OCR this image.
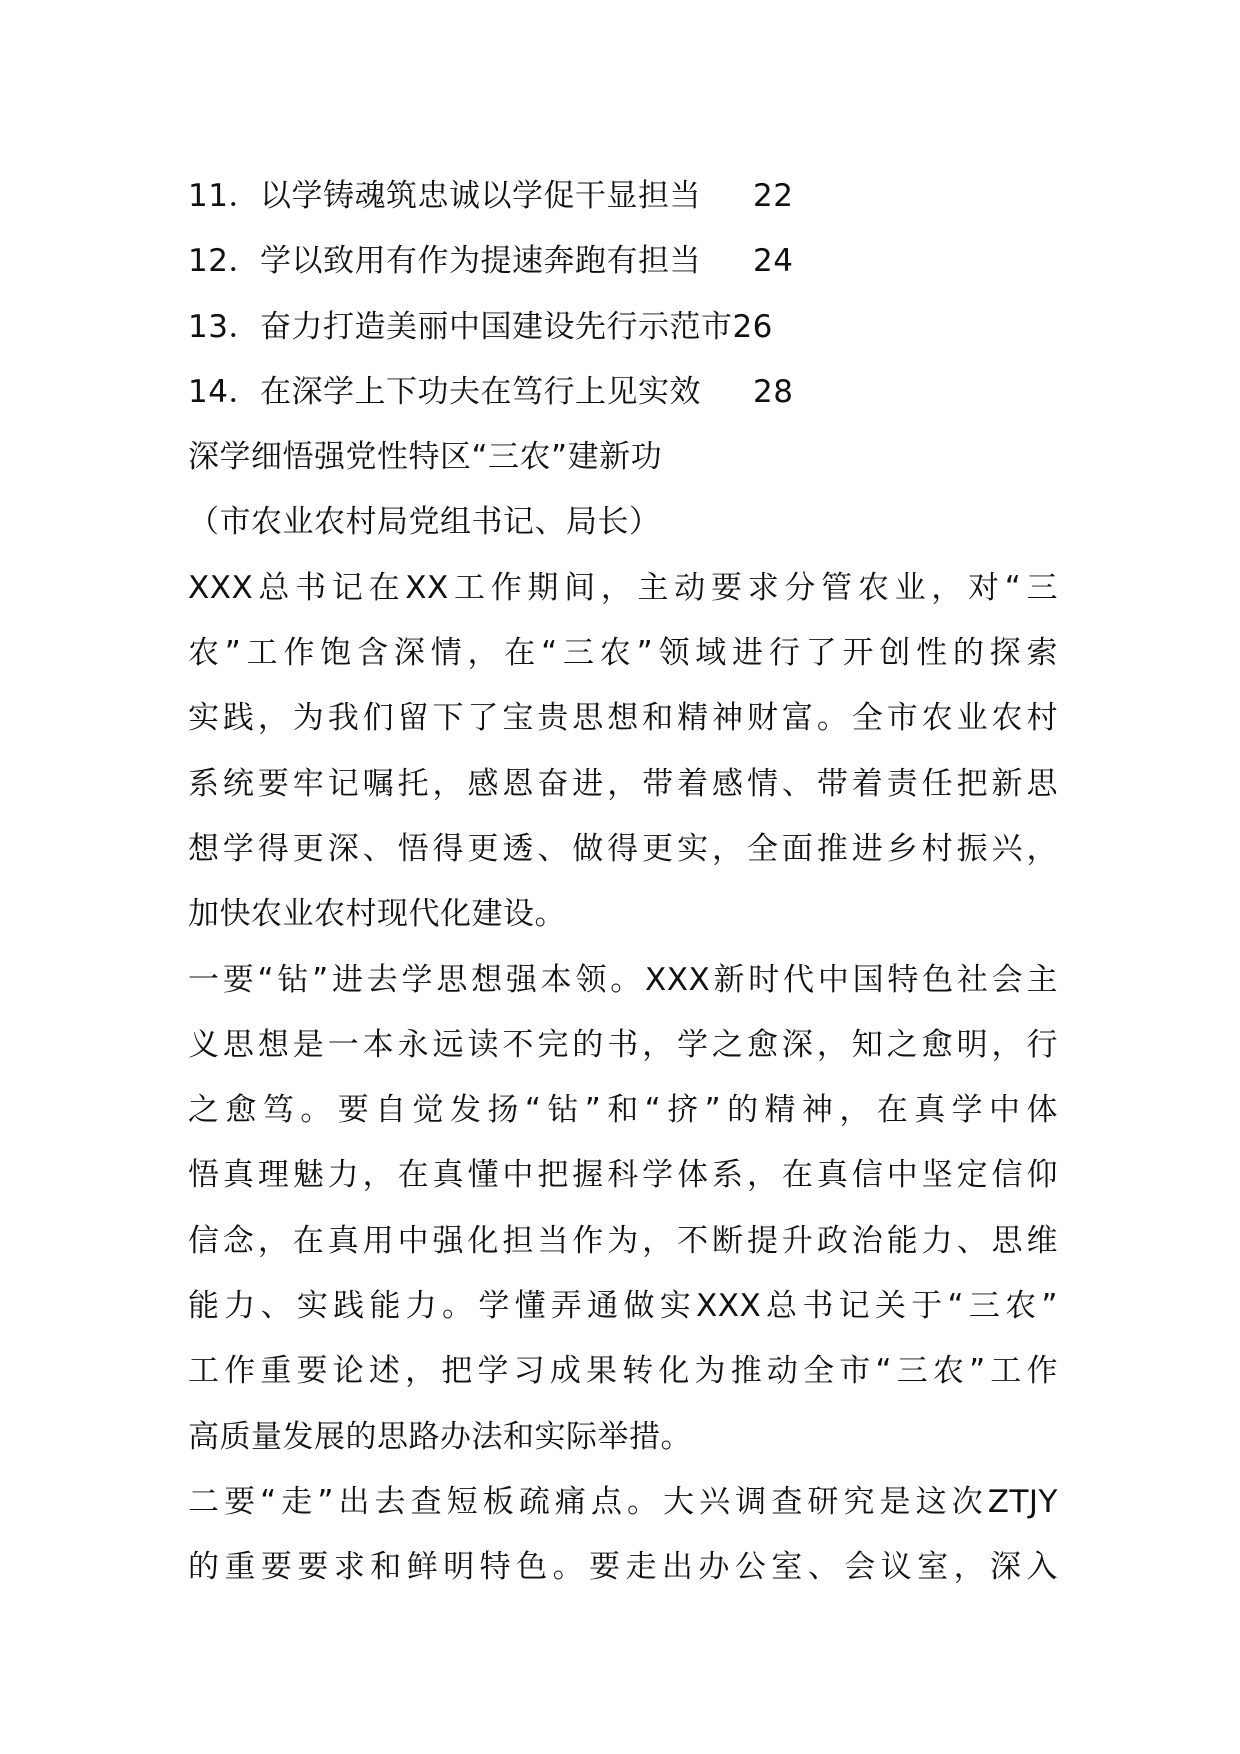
11．以学铸魂筑忠诚以学促干显担当 22
12．学以致用有作为提速奔跑有担当 24
13．奋力打造美丽中国建设先行示范市26
14．在深学上下功夫在笃行上见实效 28
深学细悟强党性特区“三农”建新功
（市农业农村局党组书记、局长）
XXX总书记在XX工作期间，主动要求分管农业，对“三
农”工作饱含深情，在“三农”领域进行了开创性的探索
实践，为我们留下了宝贵思想和精神财富。全市农业农村
系统要牢记嘱托，感恩奋进，带着感情、带着责任把新思
想学得更深、悟得更透、做得更实，全面推进乡村振兴，
加快农业农村现代化建设。
一要“钻”进去学思想强本领。XXX新时代中国特色社会主
义思想是一本永远读不完的书，学之愈深，知之愈明，行
之愈笃。要自觉发扬“钻”和“挤”的精神，在真学中体
悟真理魅力，在真懂中把握科学体系，在真信中坚定信仰
信念，在真用中强化担当作为，不断提升政治能力、思维
能力、实践能力。学懂弄通做实XXX总书记关于“三农”
工作重要论述，把学习成果转化为推动全市“三农”工作
高质量发展的思路办法和实际举措。
二要“走”出去查短板疏痛点。大兴调查研究是这次ZTJY
的重要要求和鲜明特色。要走出办公室、会议室，深入
